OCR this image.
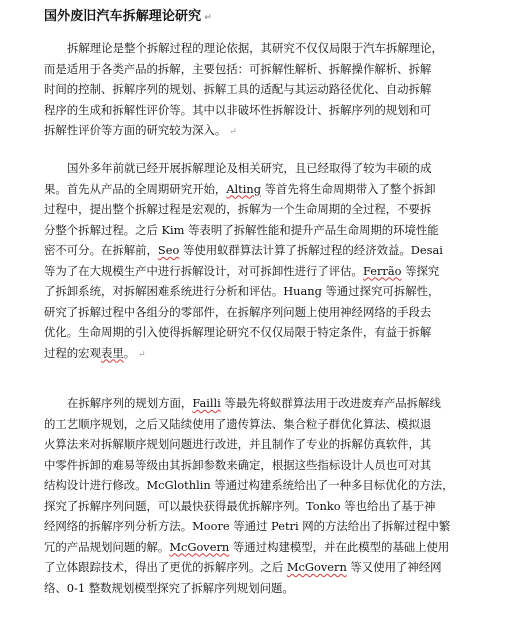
国外废旧汽车拆解理论研究 ↵
拆解理论是整个拆解过程的理论依据，其研究不仅仅局限于汽车拆解理论，
而是适用于各类产品的拆解，主要包括：可拆解性解析、拆解操作解析、拆解
时间的控制、拆解序列的规划、拆解工具的适配与其运动路径优化、自动拆解
程序的生成和拆解性评价等。其中以非破坏性拆解设计、拆解序列的规划和可
拆解性评价等方面的研究较为深入。 ↵
国外多年前就已经开展拆解理论及相关研究，且已经取得了较为丰硕的成
果。首先从产品的全周期研究开始，Alting 等首先将生命周期带入了整个拆卸
过程中，提出整个拆解过程是宏观的，拆解为一个生命周期的全过程，不要拆
分整个拆解过程。之后 Kim 等表明了拆解性能和提升产品生命周期的环境性能
密不可分。在拆解前，Seo 等使用蚁群算法计算了拆解过程的经济效益。Desai
等为了在大规模生产中进行拆解设计，对可拆卸性进行了评估。Ferrão 等探究
了拆卸系统，对拆解困难系统进行分析和评估。Huang 等通过探究可拆解性，
研究了拆解过程中各组分的零部件，在拆解序列问题上使用神经网络的手段去
优化。生命周期的引入使得拆解理论研究不仅仅局限于特定条件，有益于拆解
过程的宏观表里。 ↵
在拆解序列的规划方面，Failli 等最先将蚁群算法用于改进废弃产品拆解线
的工艺顺序规划，之后又陆续使用了遗传算法、集合粒子群优化算法、模拟退
火算法来对拆解顺序规划问题进行改进，并且制作了专业的拆解仿真软件，其
中零件拆卸的难易等级由其拆卸参数来确定，根据这些指标设计人员也可对其
结构设计进行修改。McGlothlin 等通过构建系统给出了一种多目标优化的方法，
探究了拆解序列问题，可以最快获得最优拆解序列。Tonko 等也给出了基于神
经网络的拆解序列分析方法。Moore 等通过 Petri 网的方法给出了拆解过程中繁
冗的产品规划问题的解。McGovern 等通过构建模型，并在此模型的基础上使用
了立体跟踪技术，得出了更优的拆解序列。之后 McGovern 等又使用了神经网
络、0-1 整数规划模型探究了拆解序列规划问题。
